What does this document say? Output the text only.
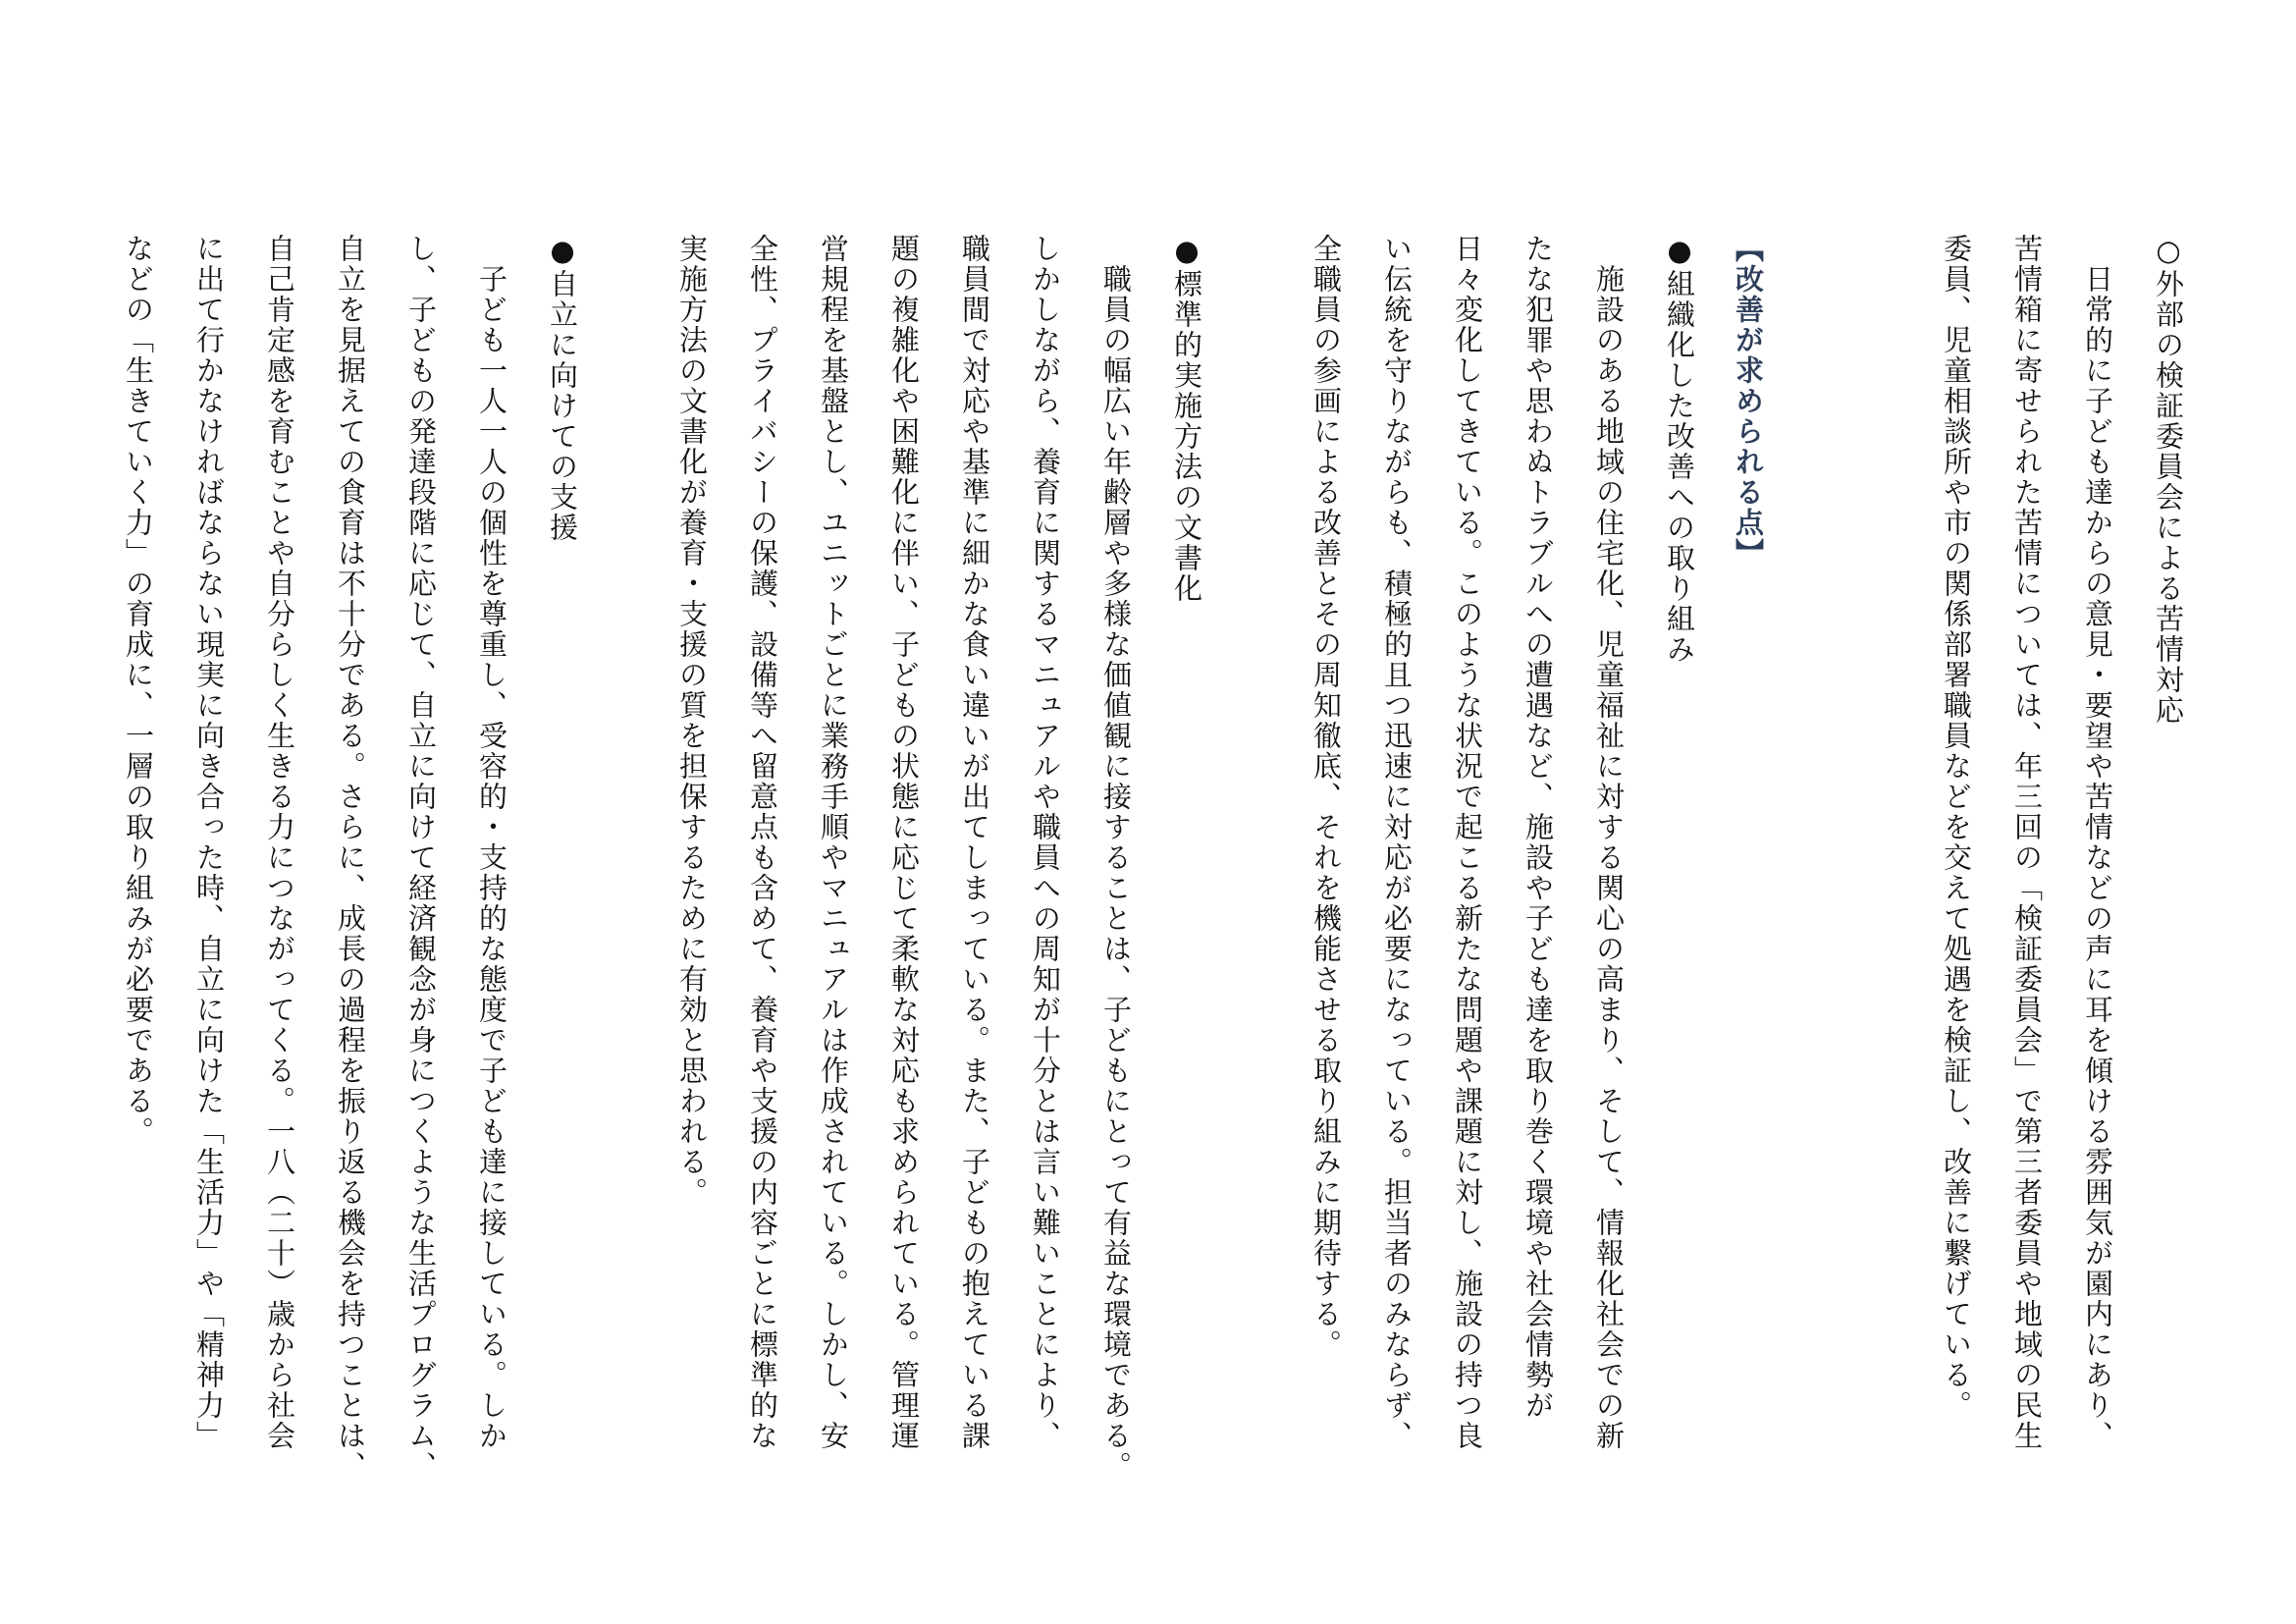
○外部の検証委員会による苦情対応
　日常的に子ども達からの意見・要望や苦情などの声に耳を傾ける雰囲気が園内にあり、
苦情箱に寄せられた苦情については、年三回の「検証委員会」で第三者委員や地域の民生
委員、児童相談所や市の関係部署職員などを交えて処遇を検証し、改善に繋げている。
【改善が求められる点】
●組織化した改善への取り組み
　施設のある地域の住宅化、児童福祉に対する関心の高まり、そして、情報化社会での新
たな犯罪や思わぬトラブルへの遭遇など、施設や子ども達を取り巻く環境や社会情勢が
日々変化してきている。このような状況で起こる新たな問題や課題に対し、施設の持つ良
い伝統を守りながらも、積極的且つ迅速に対応が必要になっている。担当者のみならず、
全職員の参画による改善とその周知徹底、それを機能させる取り組みに期待する。
●標準的実施方法の文書化
　職員の幅広い年齢層や多様な価値観に接することは、子どもにとって有益な環境である。
しかしながら、養育に関するマニュアルや職員への周知が十分とは言い難いことにより、
職員間で対応や基準に細かな食い違いが出てしまっている。また、子どもの抱えている課
題の複雑化や困難化に伴い、子どもの状態に応じて柔軟な対応も求められている。管理運
営規程を基盤とし、ユニットごとに業務手順やマニュアルは作成されている。しかし、安
全性、プライバシーの保護、設備等へ留意点も含めて、養育や支援の内容ごとに標準的な
実施方法の文書化が養育・支援の質を担保するために有効と思われる。
●自立に向けての支援
　子ども一人一人の個性を尊重し、受容的・支持的な態度で子ども達に接している。しか
し、子どもの発達段階に応じて、自立に向けて経済観念が身につくような生活プログラム、
自立を見据えての食育は不十分である。さらに、成長の過程を振り返る機会を持つことは、
自己肯定感を育むことや自分らしく生きる力につながってくる。一八（二十）歳から社会
に出て行かなければならない現実に向き合った時、自立に向けた「生活力」や「精神力」
などの「生きていく力」の育成に、一層の取り組みが必要である。
